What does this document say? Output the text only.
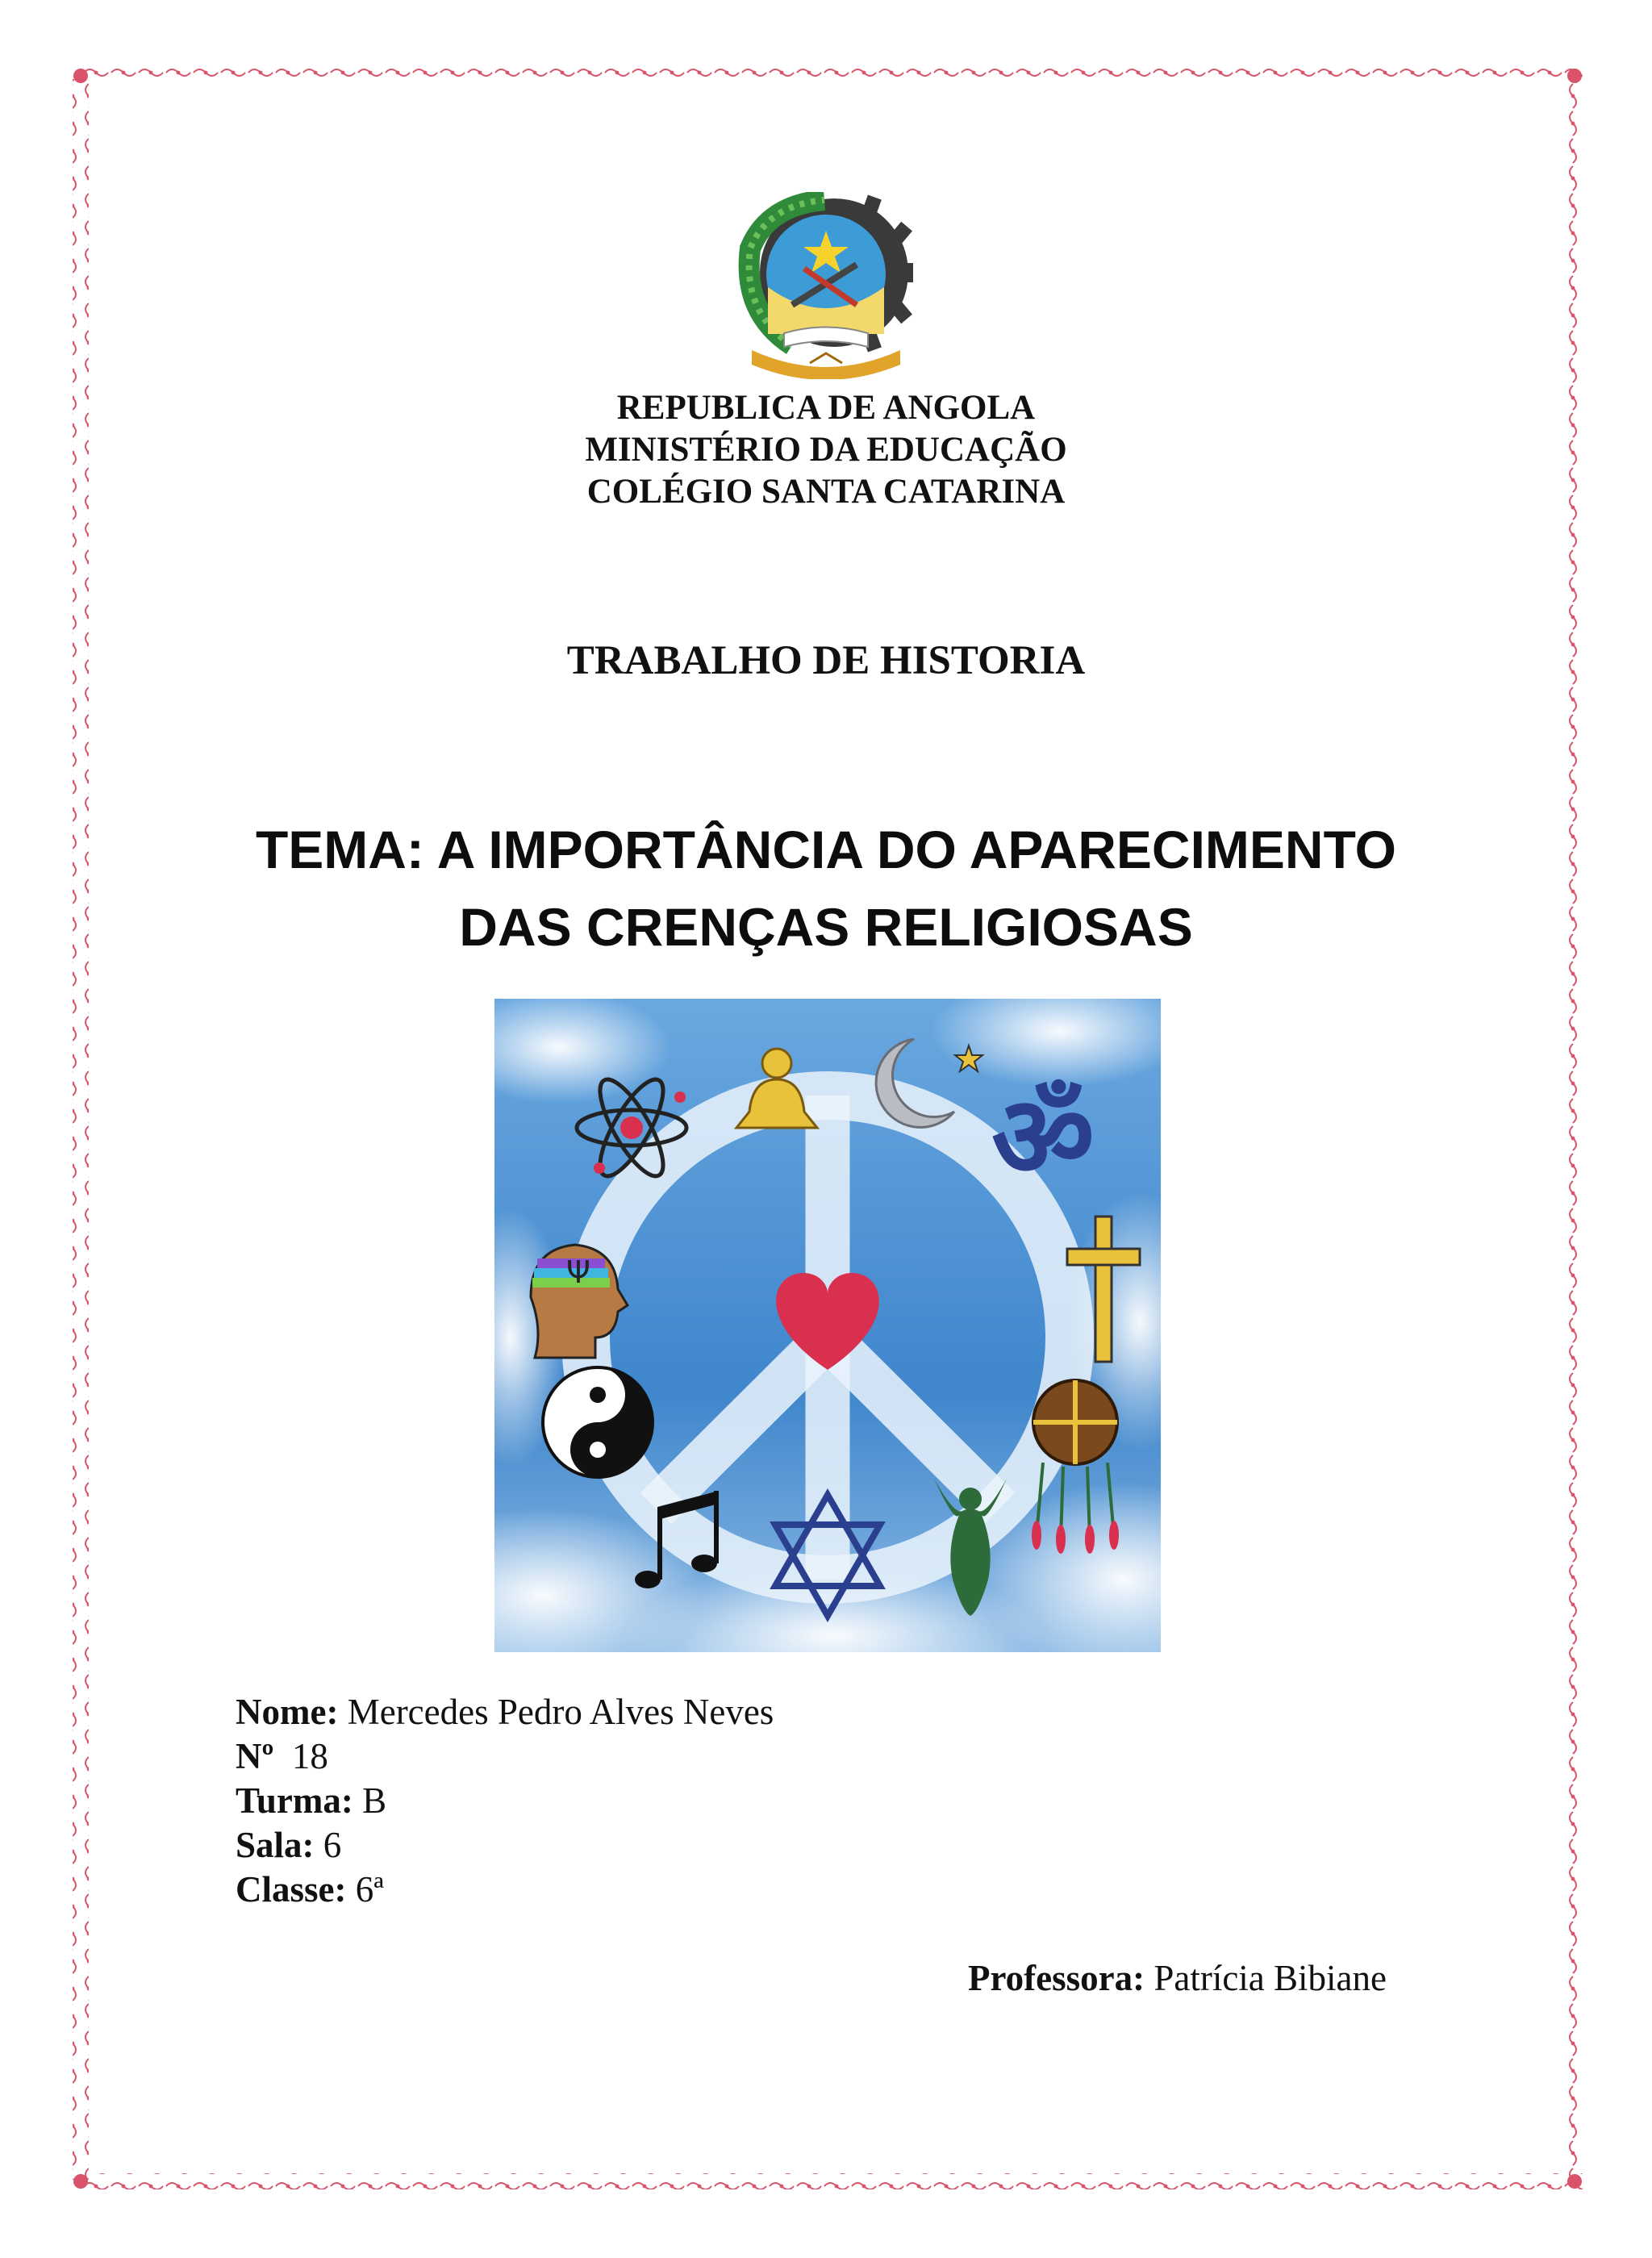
REPUBLICA DE ANGOLA
MINISTÉRIO DA EDUCAÇÃO
COLÉGIO SANTA CATARINA
TRABALHO DE HISTORIA
TEMA: A IMPORTÂNCIA DO APARECIMENTO
DAS CRENÇAS RELIGIOSAS
ॐ
Ψ
Nome: Mercedes Pedro Alves Neves
Nº  18
Turma: B
Sala: 6
Classe: 6ª
Professora: Patrícia Bibiane
